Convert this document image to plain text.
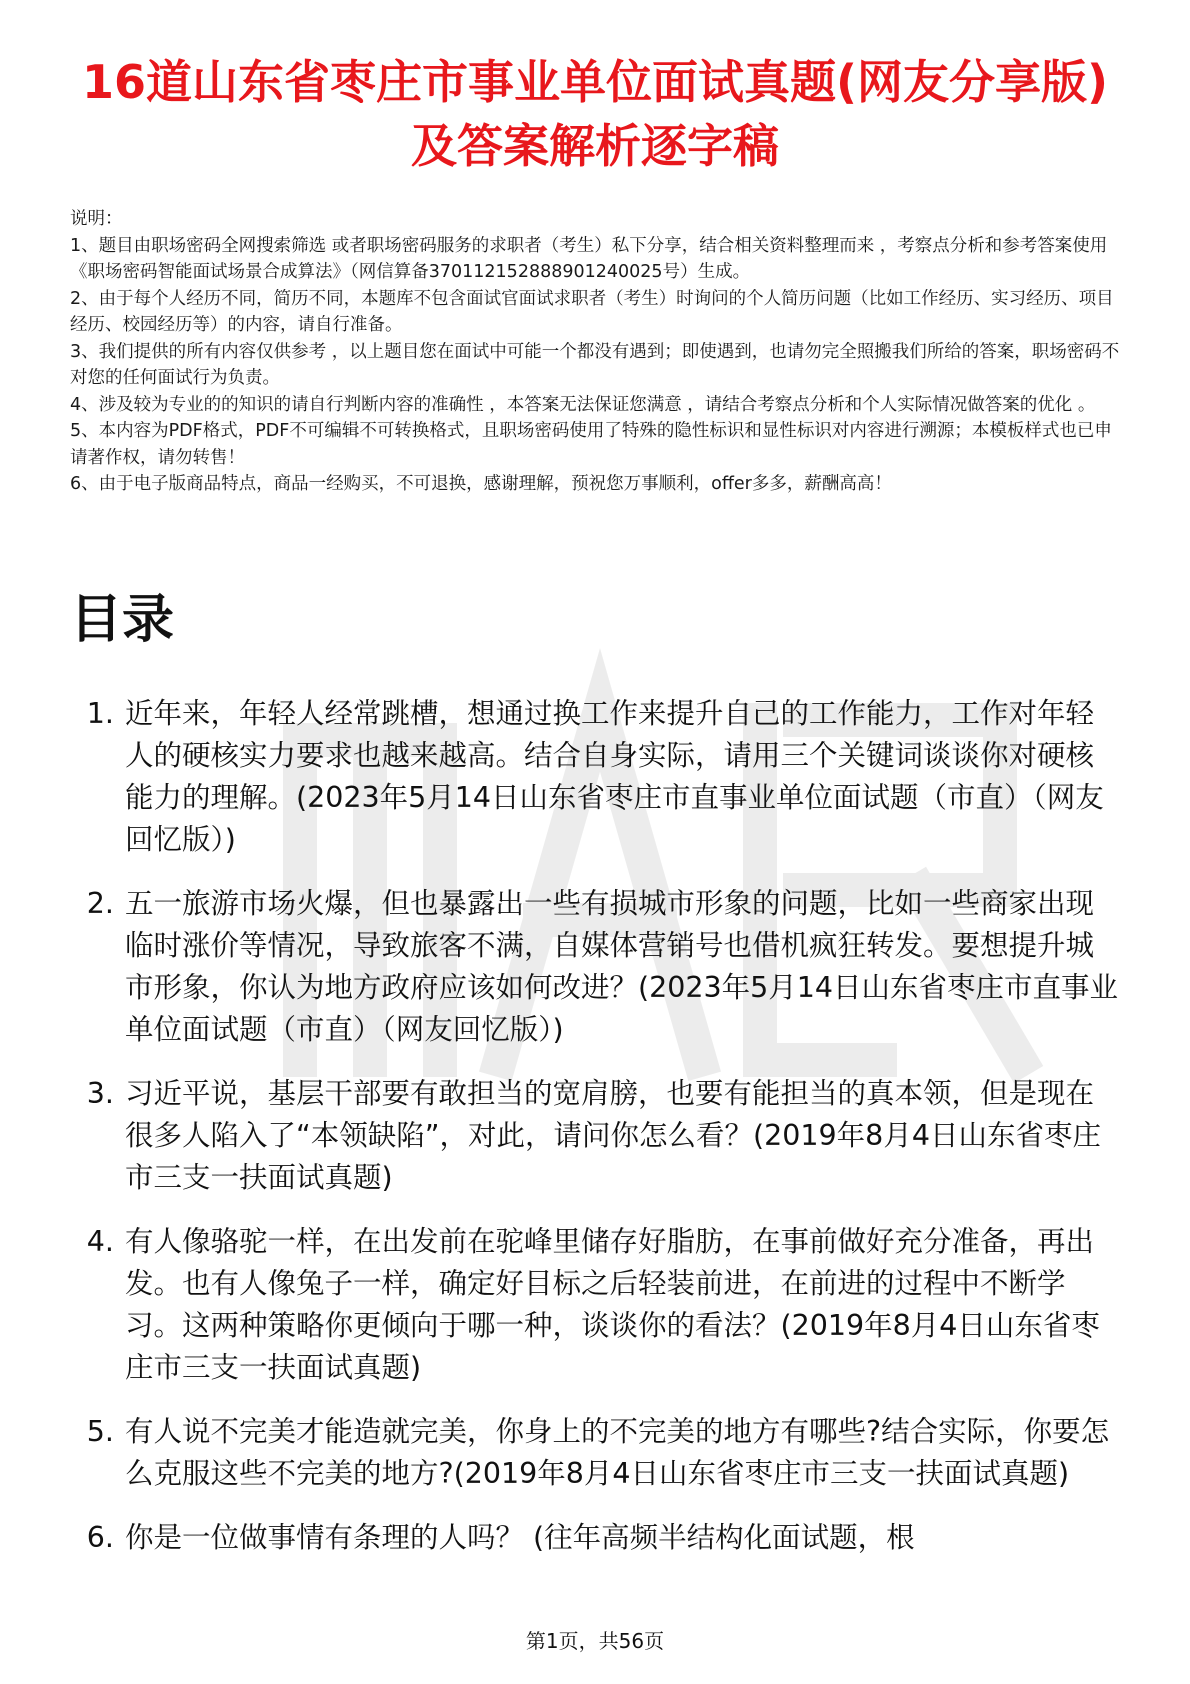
16道山东省枣庄市事业单位面试真题(网友分享版)及答案解析逐字稿

说明：

1、题目由职场密码全网搜索筛选 或者职场密码服务的求职者（考生）私下分享，结合相关资料整理而来 ，考察点分析和参考答案使用《职场密码智能面试场景合成算法》（网信算备370112152888901240025号）生成。

2、由于每个人经历不同，简历不同，本题库不包含面试官面试求职者（考生）时询问的个人简历问题（比如工作经历、实习经历、项目经历、校园经历等）的内容，请自行准备。

3、我们提供的所有内容仅供参考 ，以上题目您在面试中可能一个都没有遇到；即使遇到，也请勿完全照搬我们所给的答案，职场密码不对您的任何面试行为负责。

4、涉及较为专业的的知识的请自行判断内容的准确性 ，本答案无法保证您满意 ，请结合考察点分析和个人实际情况做答案的优化 。

5、本内容为PDF格式，PDF不可编辑不可转换格式，且职场密码使用了特殊的隐性标识和显性标识对内容进行溯源；本模板样式也已申请著作权，请勿转售！

6、由于电子版商品特点，商品一经购买，不可退换，感谢理解，预祝您万事顺利，offer多多，薪酬高高！

目录
1. 近年来，年轻人经常跳槽，想通过换工作来提升自己的工作能力，工作对年轻人的硬核实力要求也越来越高。结合自身实际，请用三个关键词谈谈你对硬核能力的理解。(2023年5月14日山东省枣庄市直事业单位面试题（市直）（网友回忆版）)
2. 五一旅游市场火爆，但也暴露出一些有损城市形象的问题，比如一些商家出现临时涨价等情况，导致旅客不满，自媒体营销号也借机疯狂转发。要想提升城市形象，你认为地方政府应该如何改进？(2023年5月14日山东省枣庄市直事业单位面试题（市直）（网友回忆版）)
3. 习近平说，基层干部要有敢担当的宽肩膀，也要有能担当的真本领，但是现在很多人陷入了“本领缺陷”，对此，请问你怎么看？(2019年8月4日山东省枣庄市三支一扶面试真题)
4. 有人像骆驼一样，在出发前在驼峰里储存好脂肪，在事前做好充分准备，再出发。也有人像兔子一样，确定好目标之后轻装前进，在前进的过程中不断学习。这两种策略你更倾向于哪一种，谈谈你的看法？(2019年8月4日山东省枣庄市三支一扶面试真题)
5. 有人说不完美才能造就完美，你身上的不完美的地方有哪些?结合实际，你要怎么克服这些不完美的地方?(2019年8月4日山东省枣庄市三支一扶面试真题)
6. 你是一位做事情有条理的人吗？ (往年高频半结构化面试题，根
第1页，共56页
